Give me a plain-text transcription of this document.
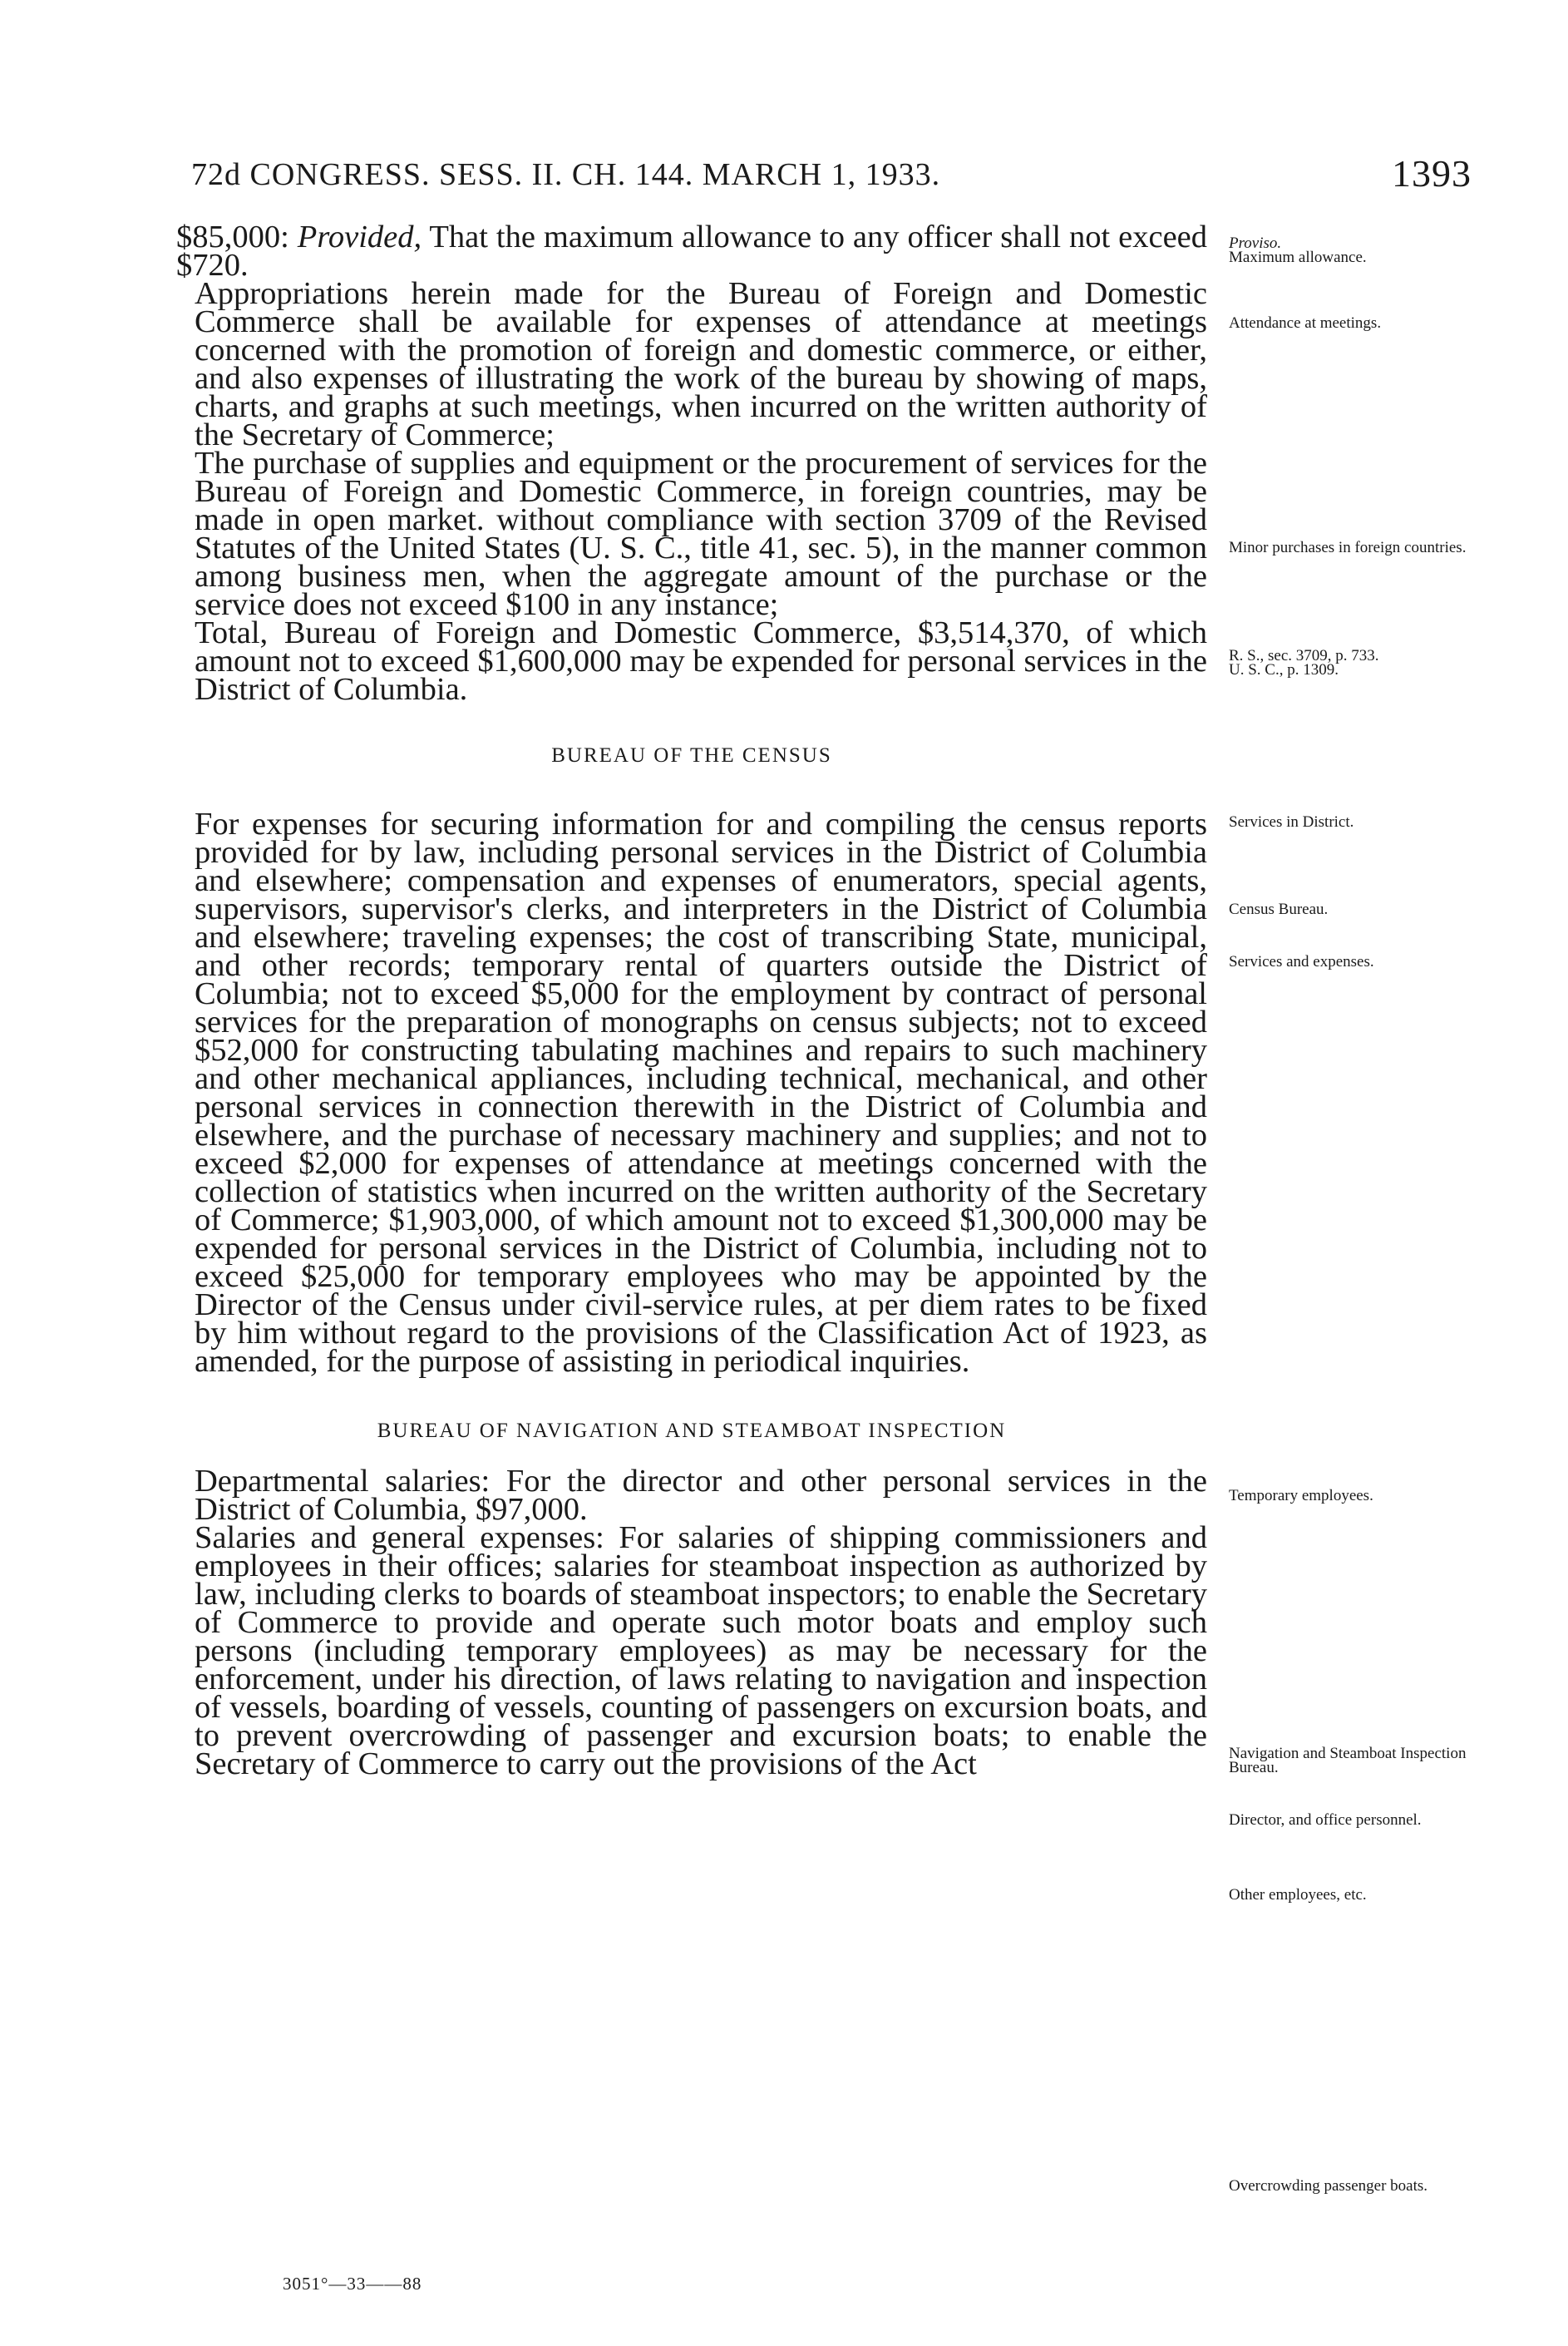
72d CONGRESS. SESS. II. CH. 144. MARCH 1, 1933.	1393

$85,000: Provided, That the maximum allowance to any officer shall not exceed $720.

Appropriations herein made for the Bureau of Foreign and Domestic Commerce shall be available for expenses of attendance at meetings concerned with the promotion of foreign and domestic commerce, or either, and also expenses of illustrating the work of the bureau by showing of maps, charts, and graphs at such meetings, when incurred on the written authority of the Secretary of Commerce;

The purchase of supplies and equipment or the procurement of services for the Bureau of Foreign and Domestic Commerce, in foreign countries, may be made in open market. without compliance with section 3709 of the Revised Statutes of the United States (U. S. C., title 41, sec. 5), in the manner common among business men, when the aggregate amount of the purchase or the service does not exceed $100 in any instance;

Total, Bureau of Foreign and Domestic Commerce, $3,514,370, of which amount not to exceed $1,600,000 may be expended for personal services in the District of Columbia.

BUREAU OF THE CENSUS

For expenses for securing information for and compiling the census reports provided for by law, including personal services in the District of Columbia and elsewhere; compensation and expenses of enumerators, special agents, supervisors, supervisor's clerks, and interpreters in the District of Columbia and elsewhere; traveling expenses; the cost of transcribing State, municipal, and other records; temporary rental of quarters outside the District of Columbia; not to exceed $5,000 for the employment by contract of personal services for the preparation of monographs on census subjects; not to exceed $52,000 for constructing tabulating machines and repairs to such machinery and other mechanical appliances, including technical, mechanical, and other personal services in connection therewith in the District of Columbia and elsewhere, and the purchase of necessary machinery and supplies; and not to exceed $2,000 for expenses of attendance at meetings concerned with the collection of statistics when incurred on the written authority of the Secretary of Commerce; $1,903,000, of which amount not to exceed $1,300,000 may be expended for personal services in the District of Columbia, including not to exceed $25,000 for temporary employees who may be appointed by the Director of the Census under civil-service rules, at per diem rates to be fixed by him without regard to the provisions of the Classification Act of 1923, as amended, for the purpose of assisting in periodical inquiries.

BUREAU OF NAVIGATION AND STEAMBOAT INSPECTION

Departmental salaries: For the director and other personal services in the District of Columbia, $97,000.

Salaries and general expenses: For salaries of shipping commissioners and employees in their offices; salaries for steamboat inspection as authorized by law, including clerks to boards of steamboat inspectors; to enable the Secretary of Commerce to provide and operate such motor boats and employ such persons (including temporary employees) as may be necessary for the enforcement, under his direction, of laws relating to navigation and inspection of vessels, boarding of vessels, counting of passengers on excursion boats, and to prevent overcrowding of passenger and excursion boats; to enable the Secretary of Commerce to carry out the provisions of the Act

Proviso.
Maximum allowance.
Attendance at meetings.
Minor purchases in foreign countries.
R. S., sec. 3709, p. 733.
U. S. C., p. 1309.
Services in District.
Census Bureau.
Services and expenses.
Temporary employees.
Navigation and Steamboat Inspection Bureau.
Director, and office personnel.
Other employees, etc.
Overcrowding passenger boats.
3051°—33——88
